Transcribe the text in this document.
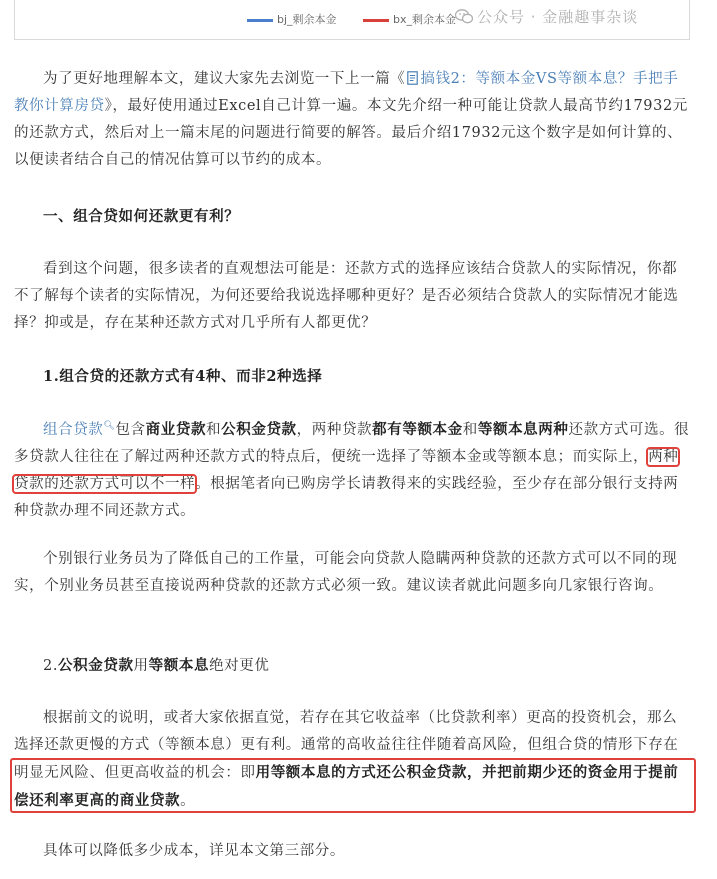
bj_剩余本金	bx_剩余本金	公众号 · 金融趣事杂谈

为了更好地理解本文，建议大家先去浏览一下上一篇《 搞钱2：等额本金VS等额本息？手把手教你计算房贷》，最好使用通过Excel自己计算一遍。本文先介绍一种可能让贷款人最高节约17932元的还款方式，然后对上一篇末尾的问题进行简要的解答。最后介绍17932元这个数字是如何计算的、以便读者结合自己的情况估算可以节约的成本。

一、组合贷如何还款更有利？

看到这个问题，很多读者的直观想法可能是：还款方式的选择应该结合贷款人的实际情况，你都不了解每个读者的实际情况，为何还要给我说选择哪种更好？是否必须结合贷款人的实际情况才能选择？抑或是，存在某种还款方式对几乎所有人都更优？

1.组合贷的还款方式有4种、而非2种选择

组合贷款🔍︎包含商业贷款和公积金贷款，两种贷款都有等额本金和等额本息两种还款方式可选。很多贷款人往往在了解过两种还款方式的特点后，便统一选择了等额本金或等额本息；而实际上，两种贷款的还款方式可以不一样。根据笔者向已购房学长请教得来的实践经验，至少存在部分银行支持两种贷款办理不同还款方式。

个别银行业务员为了降低自己的工作量，可能会向贷款人隐瞒两种贷款的还款方式可以不同的现实，个别业务员甚至直接说两种贷款的还款方式必须一致。建议读者就此问题多向几家银行咨询。

2.公积金贷款用等额本息绝对更优

根据前文的说明，或者大家依据直觉，若存在其它收益率（比贷款利率）更高的投资机会，那么选择还款更慢的方式（等额本息）更有利。通常的高收益往往伴随着高风险，但组合贷的情形下存在明显无风险、但更高收益的机会：即用等额本息的方式还公积金贷款，并把前期少还的资金用于提前偿还利率更高的商业贷款。

具体可以降低多少成本，详见本文第三部分。
